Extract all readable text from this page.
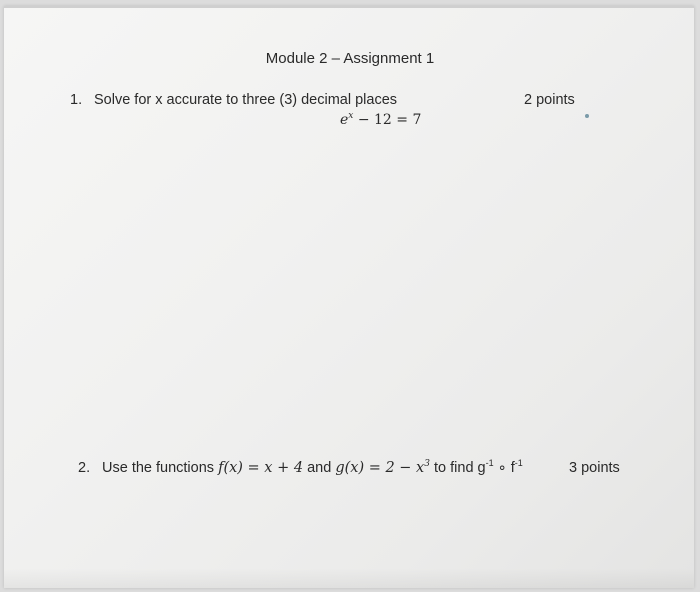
Module 2 – Assignment 1
1. Solve for x accurate to three (3) decimal places	2 points
$e^x - 12 = 7$
2. Use the functions f(x) = x + 4 and $g(x) = 2 - x^3$ to find $g^{-1}$ ∘ $f^{-1}$	3 points
